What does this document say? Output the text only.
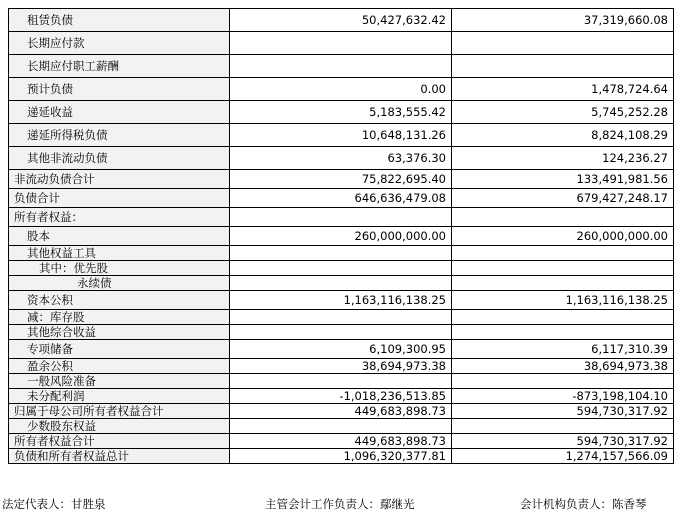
租赁负债	50,427,632.42	37,319,660.08
长期应付款		
长期应付职工薪酬		
预计负债	0.00	1,478,724.64
递延收益	5,183,555.42	5,745,252.28
递延所得税负债	10,648,131.26	8,824,108.29
其他非流动负债	63,376.30	124,236.27
非流动负债合计	75,822,695.40	133,491,981.56
负债合计	646,636,479.08	679,427,248.17
所有者权益：		
股本	260,000,000.00	260,000,000.00
其他权益工具		
其中：优先股		
永续债		
资本公积	1,163,116,138.25	1,163,116,138.25
减：库存股		
其他综合收益		
专项储备	6,109,300.95	6,117,310.39
盈余公积	38,694,973.38	38,694,973.38
一般风险准备		
未分配利润	-1,018,236,513.85	-873,198,104.10
归属于母公司所有者权益合计	449,683,898.73	594,730,317.92
少数股东权益		
所有者权益合计	449,683,898.73	594,730,317.92
负债和所有者权益总计	1,096,320,377.81	1,274,157,566.09
法定代表人：甘胜泉	主管会计工作负责人：鄢继光	会计机构负责人：陈香琴
